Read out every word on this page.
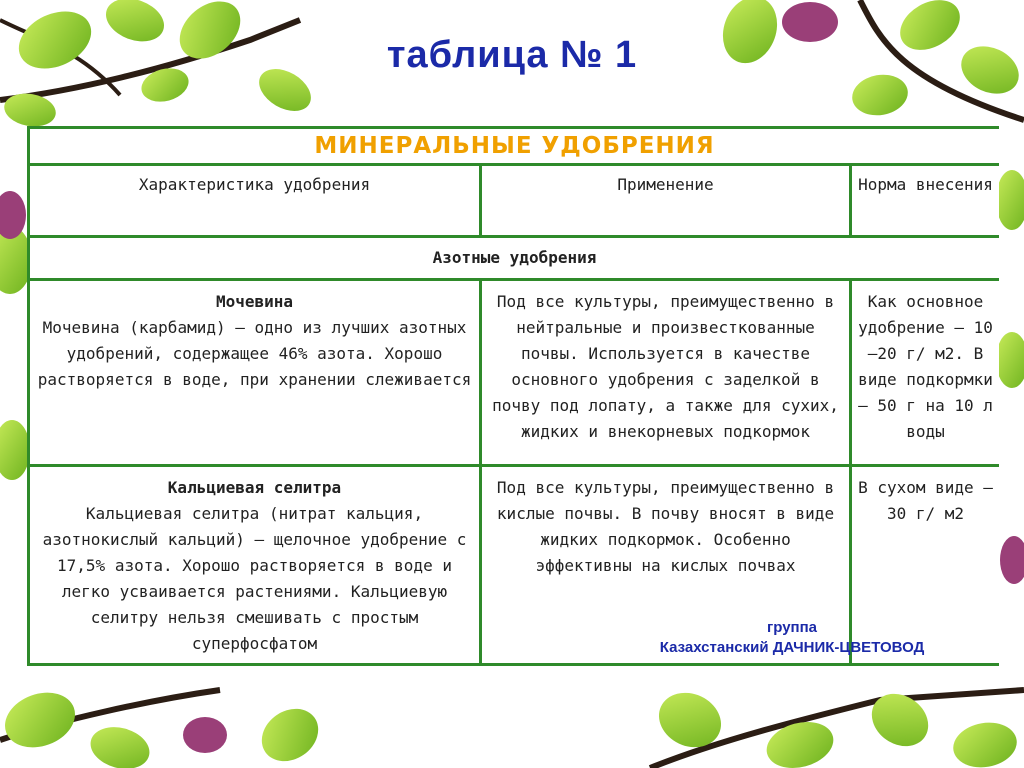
таблица № 1
МИНЕРАЛЬНЫЕ УДОБРЕНИЯ		
Характеристика удобрения	Применение	Норма внесения
Азотные удобрения		

Мочевина
Мочевина (карбамид) — одно из лучших азотных удобрений, содержащее 46% азота. Хорошо растворяется в воде, при хранении слеживается	Под все культуры, преимущественно в нейтральные и произвесткованные почвы. Используется в качестве основного удобрения с заделкой в почву под лопату, а также для сухих, жидких и внекорневых подкормок	Как основное удобрение — 10—20 г/ м2. В виде подкормки — 50 г на 10 л воды

Кальциевая селитра
Кальциевая селитра (нитрат кальция, азотнокислый кальций) — щелочное удобрение с 17,5% азота. Хорошо растворяется в воде и легко усваивается растениями. Кальциевую селитру нельзя смешивать с простым суперфосфатом	Под все культуры, преимущественно в кислые почвы. В почву вносят в виде жидких подкормок. Особенно эффективны на кислых почвах	В сухом виде — 30 г/ м2
группа
Казахстанский ДАЧНИК-ЦВЕТОВОД
